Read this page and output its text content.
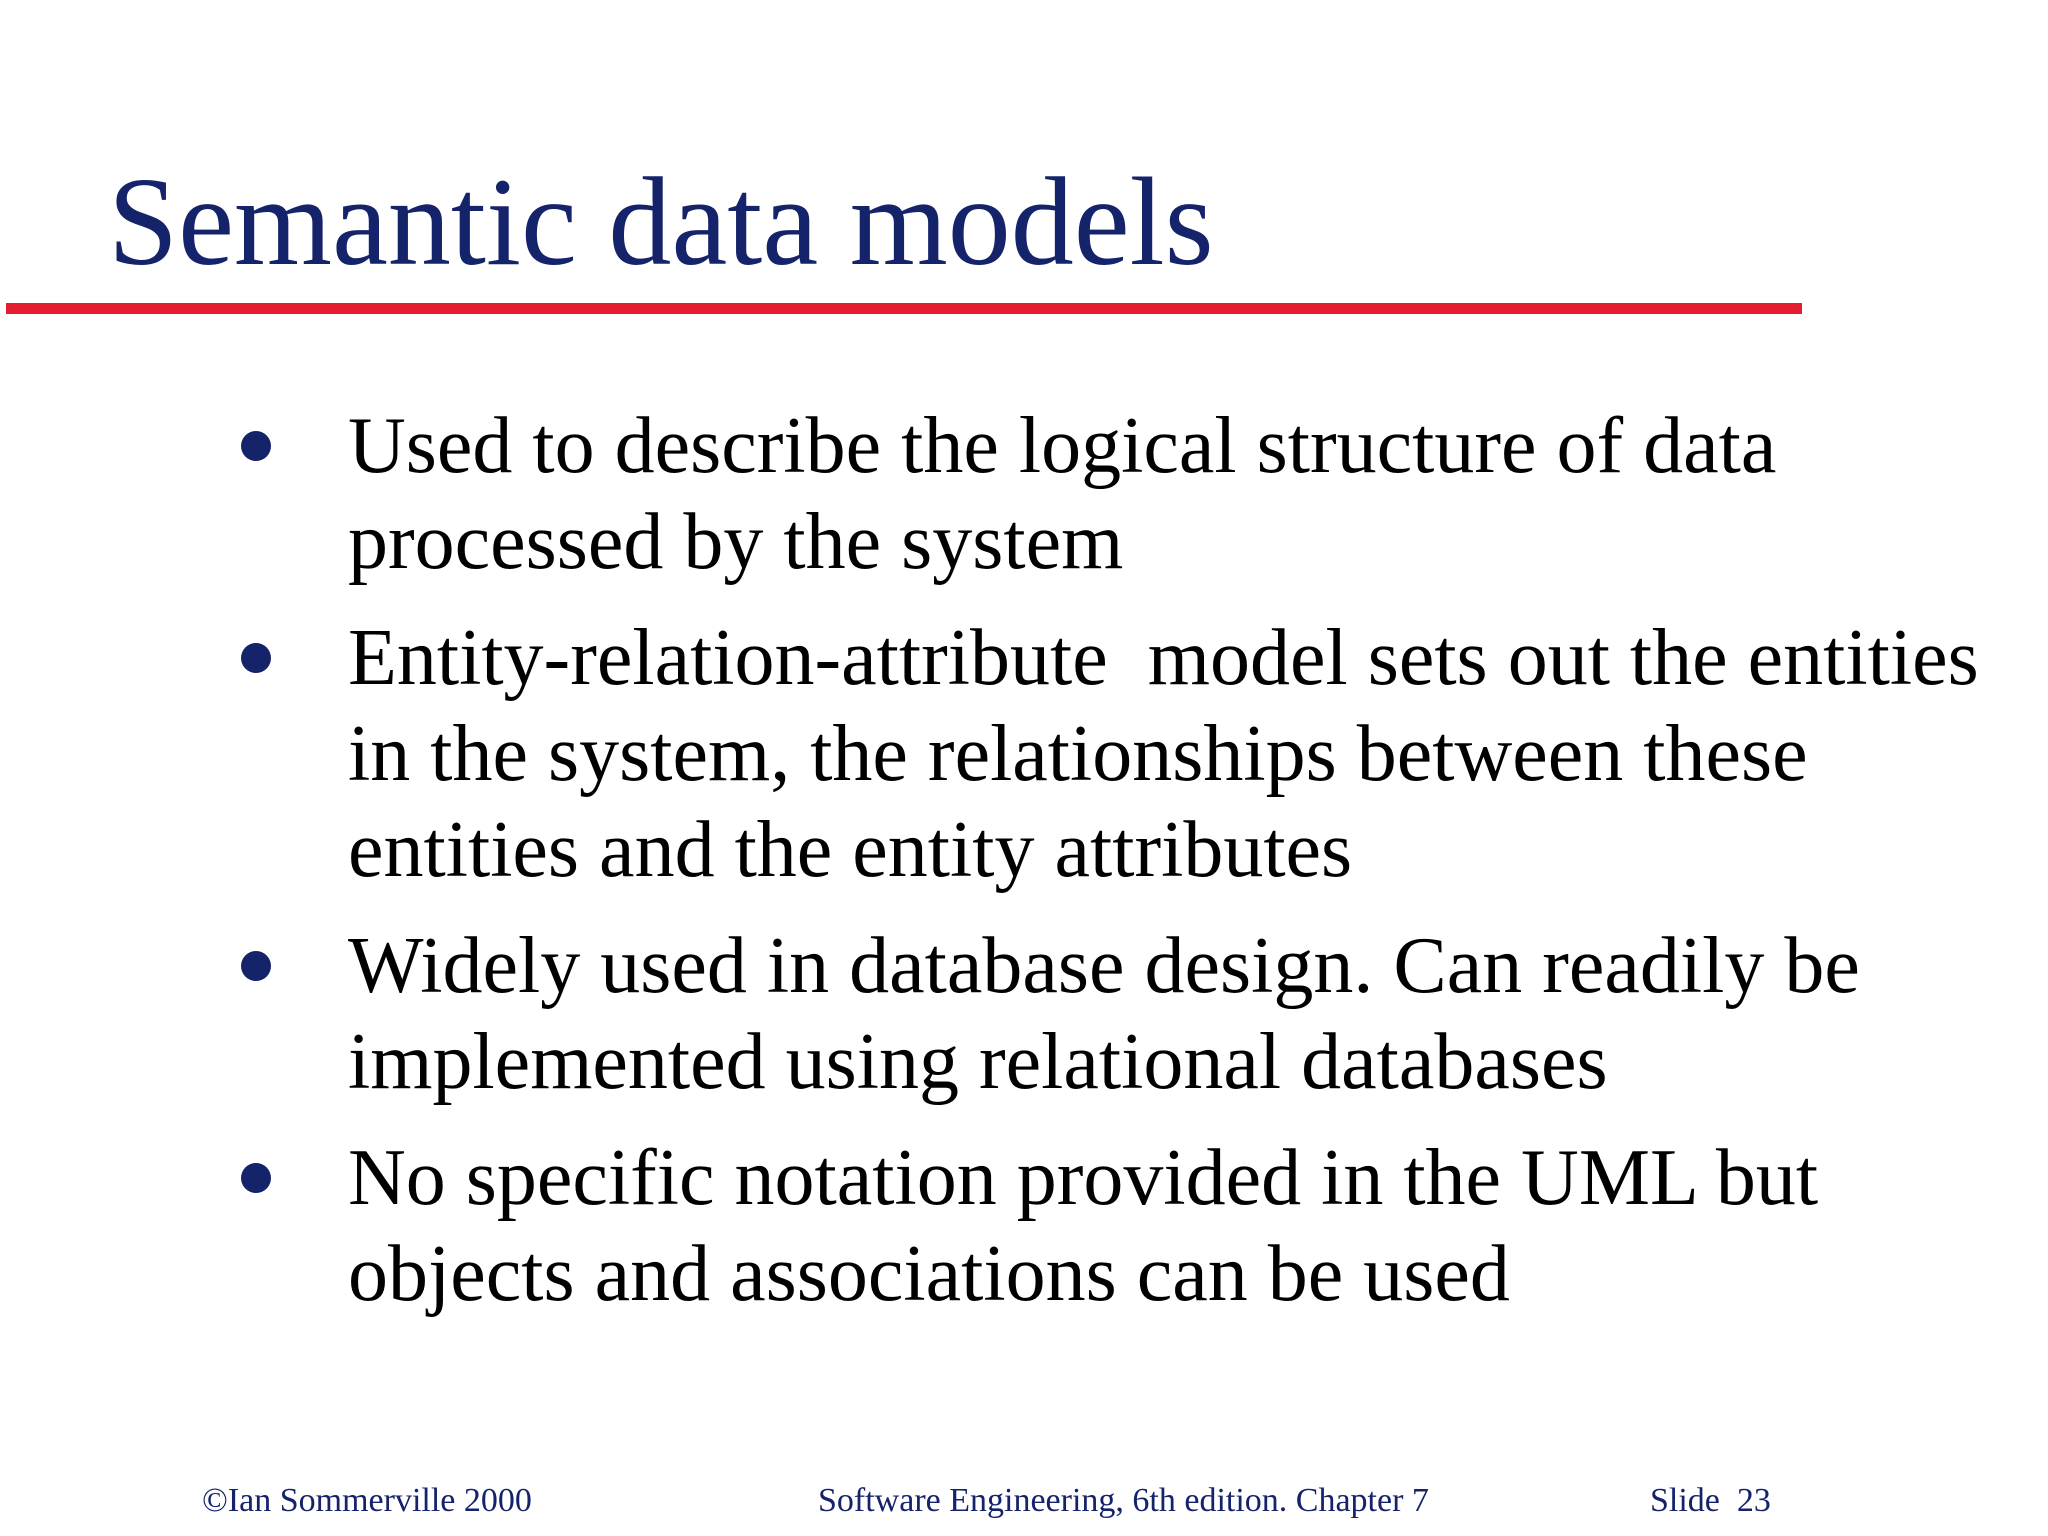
Semantic data models
Used to describe the logical structure of data
processed by the system
Entity-relation-attribute  model sets out the entities
in the system, the relationships between these
entities and the entity attributes
Widely used in database design. Can readily be
implemented using relational databases
No specific notation provided in the UML but
objects and associations can be used
©Ian Sommerville 2000	Software Engineering, 6th edition. Chapter 7	Slide  23
